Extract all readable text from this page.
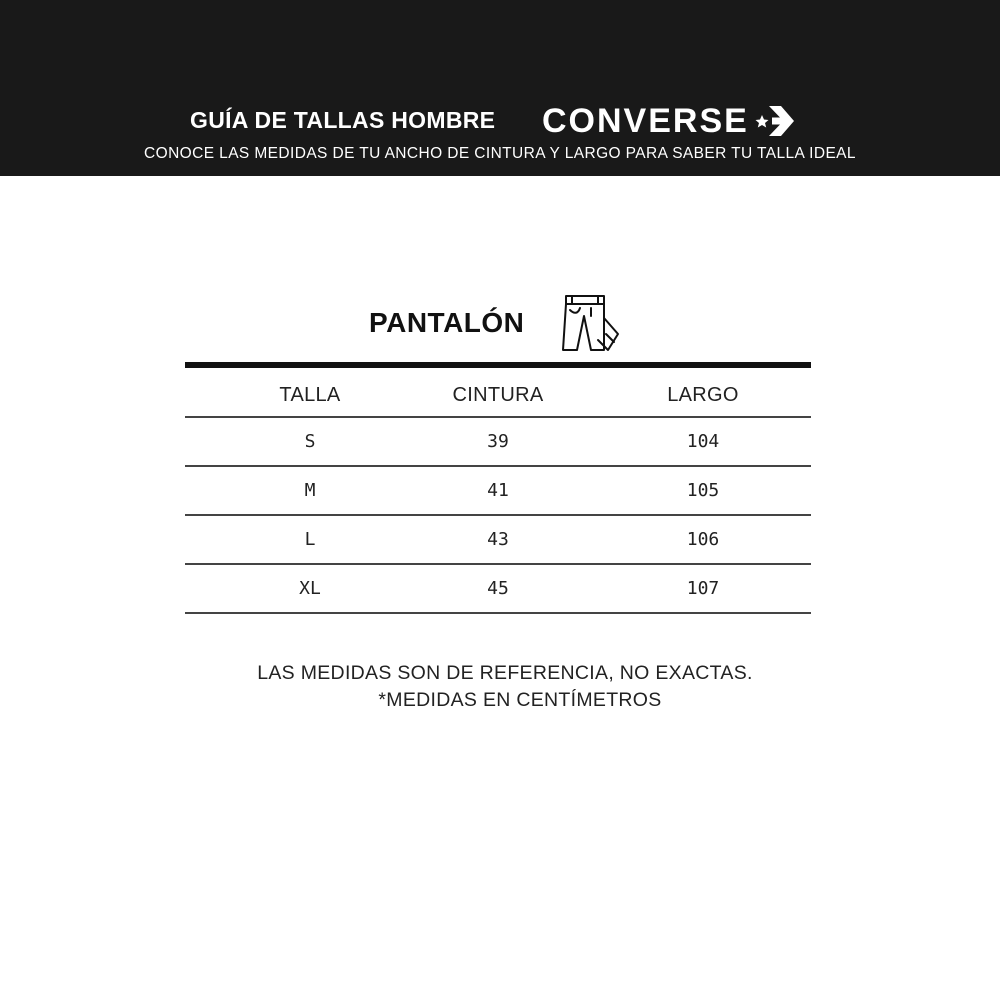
GUÍA DE TALLAS HOMBRE CONVERSE
CONOCE LAS MEDIDAS DE TU ANCHO DE CINTURA Y LARGO PARA SABER TU TALLA IDEAL
PANTALÓN
TALLA	CINTURA	LARGO
S	39	104
M	41	105
L	43	106
XL	45	107
LAS MEDIDAS SON DE REFERENCIA, NO EXACTAS.
*MEDIDAS EN CENTÍMETROS
